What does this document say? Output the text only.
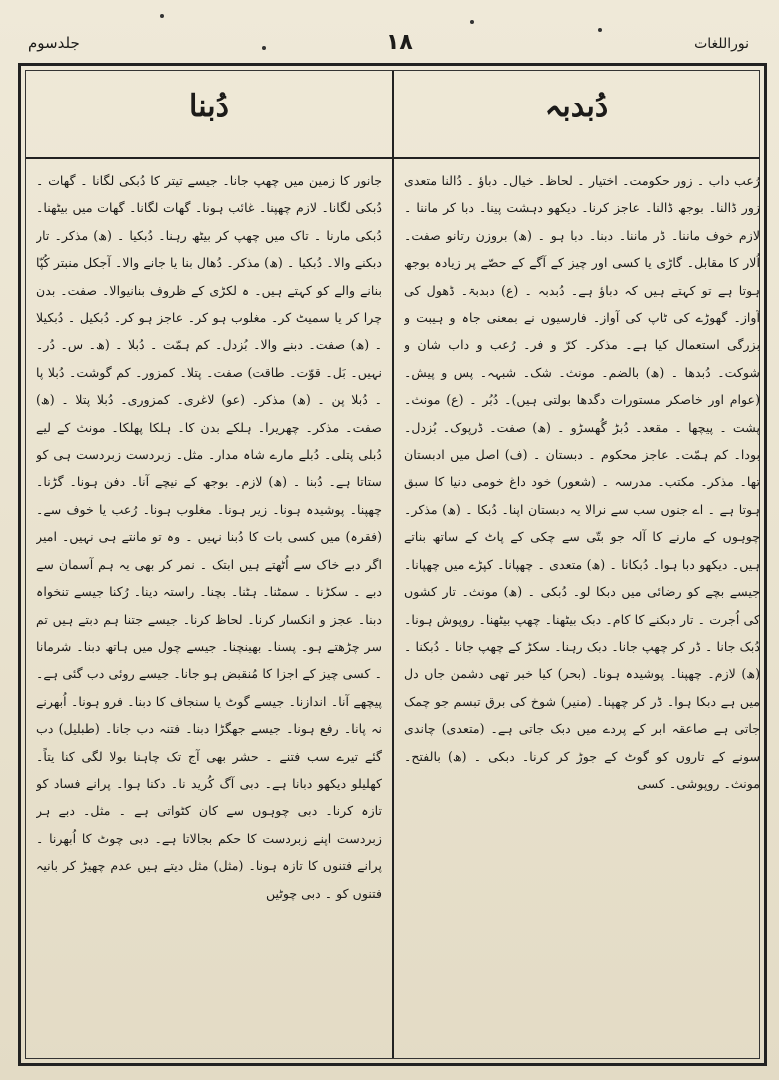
جلدسوم	۱۸	نوراللغات
دُبنا	دُبدبہ

جانور کا زمین میں چھپ جانا۔ جیسے تیتر کا دُبکی لگانا ۔ گھات ۔ دُبکی لگانا۔ لازم چھپنا۔ غائب ہونا۔ گھات لگانا۔ گھات میں بیٹھنا۔ دُبکی مارنا ۔ تاک میں چھپ کر بیٹھ رہنا۔ دُبکیا ۔ (ھ) مذکر۔ تار دبکنے والا۔ دُبکیا ۔ (ھ) مذکر۔ دُھال بنا یا جانے والا۔ آجکل منبتر کُپّا بنانے والے کو کہتے ہیں۔ ہ لکڑی کے ظروف بنانیوالا۔ صفت۔ بدن چرا کر یا سمیٹ کر۔ مغلوب ہو کر۔ عاجز ہو کر۔ دُبکیل ۔ دُبکیلا ۔ (ھ) صفت۔ دبنے والا۔ بُزدل۔ کم ہمّت ۔ دُبلا ۔ (ھ۔ س۔ دُر۔ نہیں۔ بَل۔ قوّت۔ طاقت) صفت۔ پتلا۔ کمزور۔ کم گوشت۔ دُبلا پا ۔ دُبلا پن ۔ (ھ) مذکر۔ (عو) لاغری۔ کمزوری۔ دُبلا پتلا ۔ (ھ) صفت۔ مذکر۔ چھریرا۔ ہلکے بدن کا۔ ہلکا پھلکا۔ مونث کے لیے دُبلی پتلی۔ دُبلے مارے شاہ مدار۔ مثل۔ زبردست زبردست ہی کو ستاتا ہے۔ دُبنا ۔ (ھ) لازم۔ بوجھ کے نیچے آنا۔ دفن ہونا۔ گڑنا۔ چھپنا۔ پوشیدہ ہونا۔ زیر ہونا۔ مغلوب ہونا۔ رُعب یا خوف سے۔ (فقرہ) میں کسی بات کا دُبنا نہیں ۔ وہ تو مانتے ہی نہیں۔ امیر اگر دبے خاک سے اُٹھتے ہیں ابتک ۔ نمر کر بھی یہ ہم آسمان سے دبے ۔ سکڑنا ۔ سمٹنا۔ ہٹنا۔ بچنا۔ راستہ دینا۔ رُکنا جیسے تنخواہ دبنا۔ عجز و انکسار کرنا۔ لحاظ کرنا۔ جیسے جتنا ہم دبتے ہیں تم سر چڑھتے ہو۔ پسنا۔ بھینچنا۔ جیسے چول میں ہاتھ دبنا۔ شرمانا ۔ کسی چیز کے اجزا کا مُنقبض ہو جانا۔ جیسے روئی دب گئی ہے۔ پیچھے آنا۔ اندازنا۔ جیسے گوٹ یا سنجاف کا دبنا۔ فرو ہونا۔ اُبھرنے نہ پانا۔ رفع ہونا۔ جیسے جھگڑا دبنا۔ فتنہ دب جانا۔ (طبلیل) دب گئے تیرے سب فتنے ۔ حشر بھی آج تک چاہنا بولا لگی کنا یتاً۔ کھلیلو دیکھو دبانا ہے۔ دبی آگ کُرید نا۔ دکنا ہوا۔ پرانے فساد کو تازہ کرنا۔ دبی چوہوں سے کان کٹواتی ہے ۔ مثل۔ دبے ہر زبردست اپنے زبردست کا حکم بجالاتا ہے۔ دبی چوٹ کا اُبھرنا ۔ پرانے فتنوں کا تازہ ہونا۔ (مثل) مثل دیتے ہیں عدم چھیڑ کر بانیہ فتنوں کو ۔ دبی چوٹیں

رُعب داب ۔ زور حکومت۔ اختیار ۔ لحاظ۔ خیال۔ دباؤ ۔ دُالنا متعدی زور ڈالنا۔ بوجھ ڈالنا۔ عاجز کرنا۔ دیکھو دہشت پینا۔ دبا کر ماننا ۔ لازم خوف ماننا۔ ڈر ماننا۔ دبنا۔ دبا ہو ۔ (ھ) بروزن رتانو صفت۔ اُلار کا مقابل۔ گاڑی یا کسی اور چیز کے آگے کے حصّے پر زیادہ بوجھ ہوتا ہے تو کہتے ہیں کہ دباؤ ہے۔ دُبدبہ ۔ (ع) دبدبۃ۔ ڈھول کی آواز۔ گھوڑے کی ٹاپ کی آواز۔ فارسیوں نے بمعنی جاہ و ہیبت و بزرگی استعمال کیا ہے۔ مذکر۔ کرّ و فر۔ رُعب و داب شان و شوکت۔ دُبدھا ۔ (ھ) بالضم۔ مونث۔ شک۔ شبہہ۔ پس و پیش۔ (عوام اور خاصکر مستورات دگدھا بولتی ہیں)۔ دُبُر ۔ (ع) مونث۔ پشت ۔ پیچھا ۔ مقعد۔ دُبڑ گُھسڑو ۔ (ھ) صفت۔ ڈرپوک۔ بُزدل۔ بودا۔ کم ہمّت۔ عاجز محکوم ۔ دبستان ۔ (ف) اصل میں ادبستان تھا۔ مذکر۔ مکتب۔ مدرسہ ۔ (شعور) خود داغ خومی دنیا کا سبق ہوتا ہے ۔ اے جنوں سب سے نرالا یہ دبستان اپنا۔ دُبکا ۔ (ھ) مذکر۔ چوہوں کے مارنے کا آلہ جو بتّی سے چکی کے پاٹ کے ساتھ بناتے ہیں۔ دیکھو دبا ہوا۔ دُبکانا ۔ (ھ) متعدی ۔ چھپانا۔ کپڑے میں چھپانا۔ جیسے بچے کو رضائی میں دبکا لو۔ دُبکی ۔ (ھ) مونث۔ تار کشوں کی اُجرت ۔ تار دبکنے کا کام۔ دبک بیٹھنا۔ چھپ بیٹھنا۔ روپوش ہونا۔ دُبک جانا ۔ ڈر کر چھپ جانا۔ دبک رہنا۔ سکڑ کے چھپ جانا ۔ دُبکنا ۔ (ھ) لازم۔ چھپنا۔ پوشیدہ ہونا۔ (بحر) کیا خبر تھی دشمن جاں دل میں ہے دبکا ہوا۔ ڈر کر چھپنا۔ (منیر) شوخ کی برق تبسم جو چمک جاتی ہے صاعقہ ابر کے پردے میں دبک جاتی ہے۔ (متعدی) چاندی سونے کے تاروں کو گوٹ کے جوڑ کر کرنا۔ دبکی ۔ (ھ) بالفتح۔ مونث۔ روپوشی۔ کسی
